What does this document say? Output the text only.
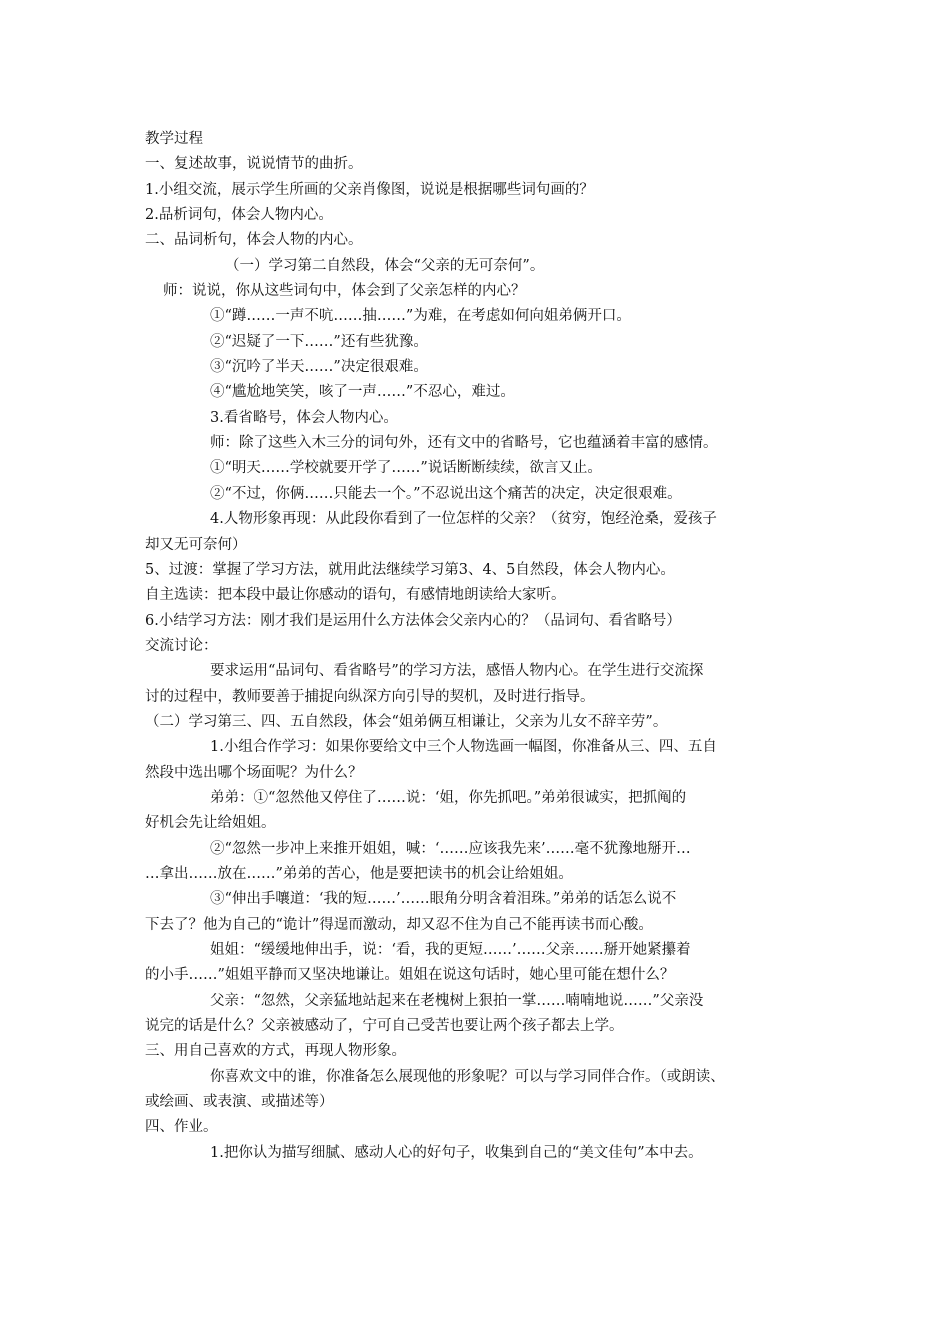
教学过程
一、复述故事，说说情节的曲折。
1.小组交流，展示学生所画的父亲肖像图，说说是根据哪些词句画的？
2.品析词句，体会人物内心。
二、品词析句，体会人物的内心。
（一）学习第二自然段，体会“父亲的无可奈何”。
师：说说，你从这些词句中，体会到了父亲怎样的内心？
①“蹲……一声不吭……抽……”为难，在考虑如何向姐弟俩开口。
②“迟疑了一下……”还有些犹豫。
③“沉吟了半天……”决定很艰难。
④“尴尬地笑笑，咳了一声……”不忍心，难过。
3.看省略号，体会人物内心。
师：除了这些入木三分的词句外，还有文中的省略号，它也蕴涵着丰富的感情。
①“明天……学校就要开学了……”说话断断续续，欲言又止。
②“不过，你俩……只能去一个。”不忍说出这个痛苦的决定，决定很艰难。
4.人物形象再现：从此段你看到了一位怎样的父亲？（贫穷，饱经沧桑，爱孩子
却又无可奈何）
5、过渡：掌握了学习方法，就用此法继续学习第3、4、5自然段，体会人物内心。
自主选读：把本段中最让你感动的语句，有感情地朗读给大家听。
6.小结学习方法：刚才我们是运用什么方法体会父亲内心的？（品词句、看省略号）
交流讨论：
要求运用“品词句、看省略号”的学习方法，感悟人物内心。在学生进行交流探
讨的过程中，教师要善于捕捉向纵深方向引导的契机，及时进行指导。
（二）学习第三、四、五自然段，体会“姐弟俩互相谦让，父亲为儿女不辞辛劳”。
1.小组合作学习：如果你要给文中三个人物选画一幅图，你准备从三、四、五自
然段中选出哪个场面呢？为什么？
弟弟：①“忽然他又停住了……说：‘姐，你先抓吧。”弟弟很诚实，把抓阄的
好机会先让给姐姐。
②“忽然一步冲上来推开姐姐，喊：‘……应该我先来’……毫不犹豫地掰开…
…拿出……放在……”弟弟的苦心，他是要把读书的机会让给姐姐。
③“伸出手嚷道：‘我的短……’……眼角分明含着泪珠。”弟弟的话怎么说不
下去了？他为自己的“诡计”得逞而激动，却又忍不住为自己不能再读书而心酸。
姐姐：“缓缓地伸出手，说：‘看，我的更短……’……父亲……掰开她紧攥着
的小手……”姐姐平静而又坚决地谦让。姐姐在说这句话时，她心里可能在想什么？
父亲：“忽然，父亲猛地站起来在老槐树上狠拍一掌……喃喃地说……”父亲没
说完的话是什么？父亲被感动了，宁可自己受苦也要让两个孩子都去上学。
三、用自己喜欢的方式，再现人物形象。
你喜欢文中的谁，你准备怎么展现他的形象呢？可以与学习同伴合作。（或朗读、
或绘画、或表演、或描述等）
四、作业。
1.把你认为描写细腻、感动人心的好句子，收集到自己的“美文佳句”本中去。
